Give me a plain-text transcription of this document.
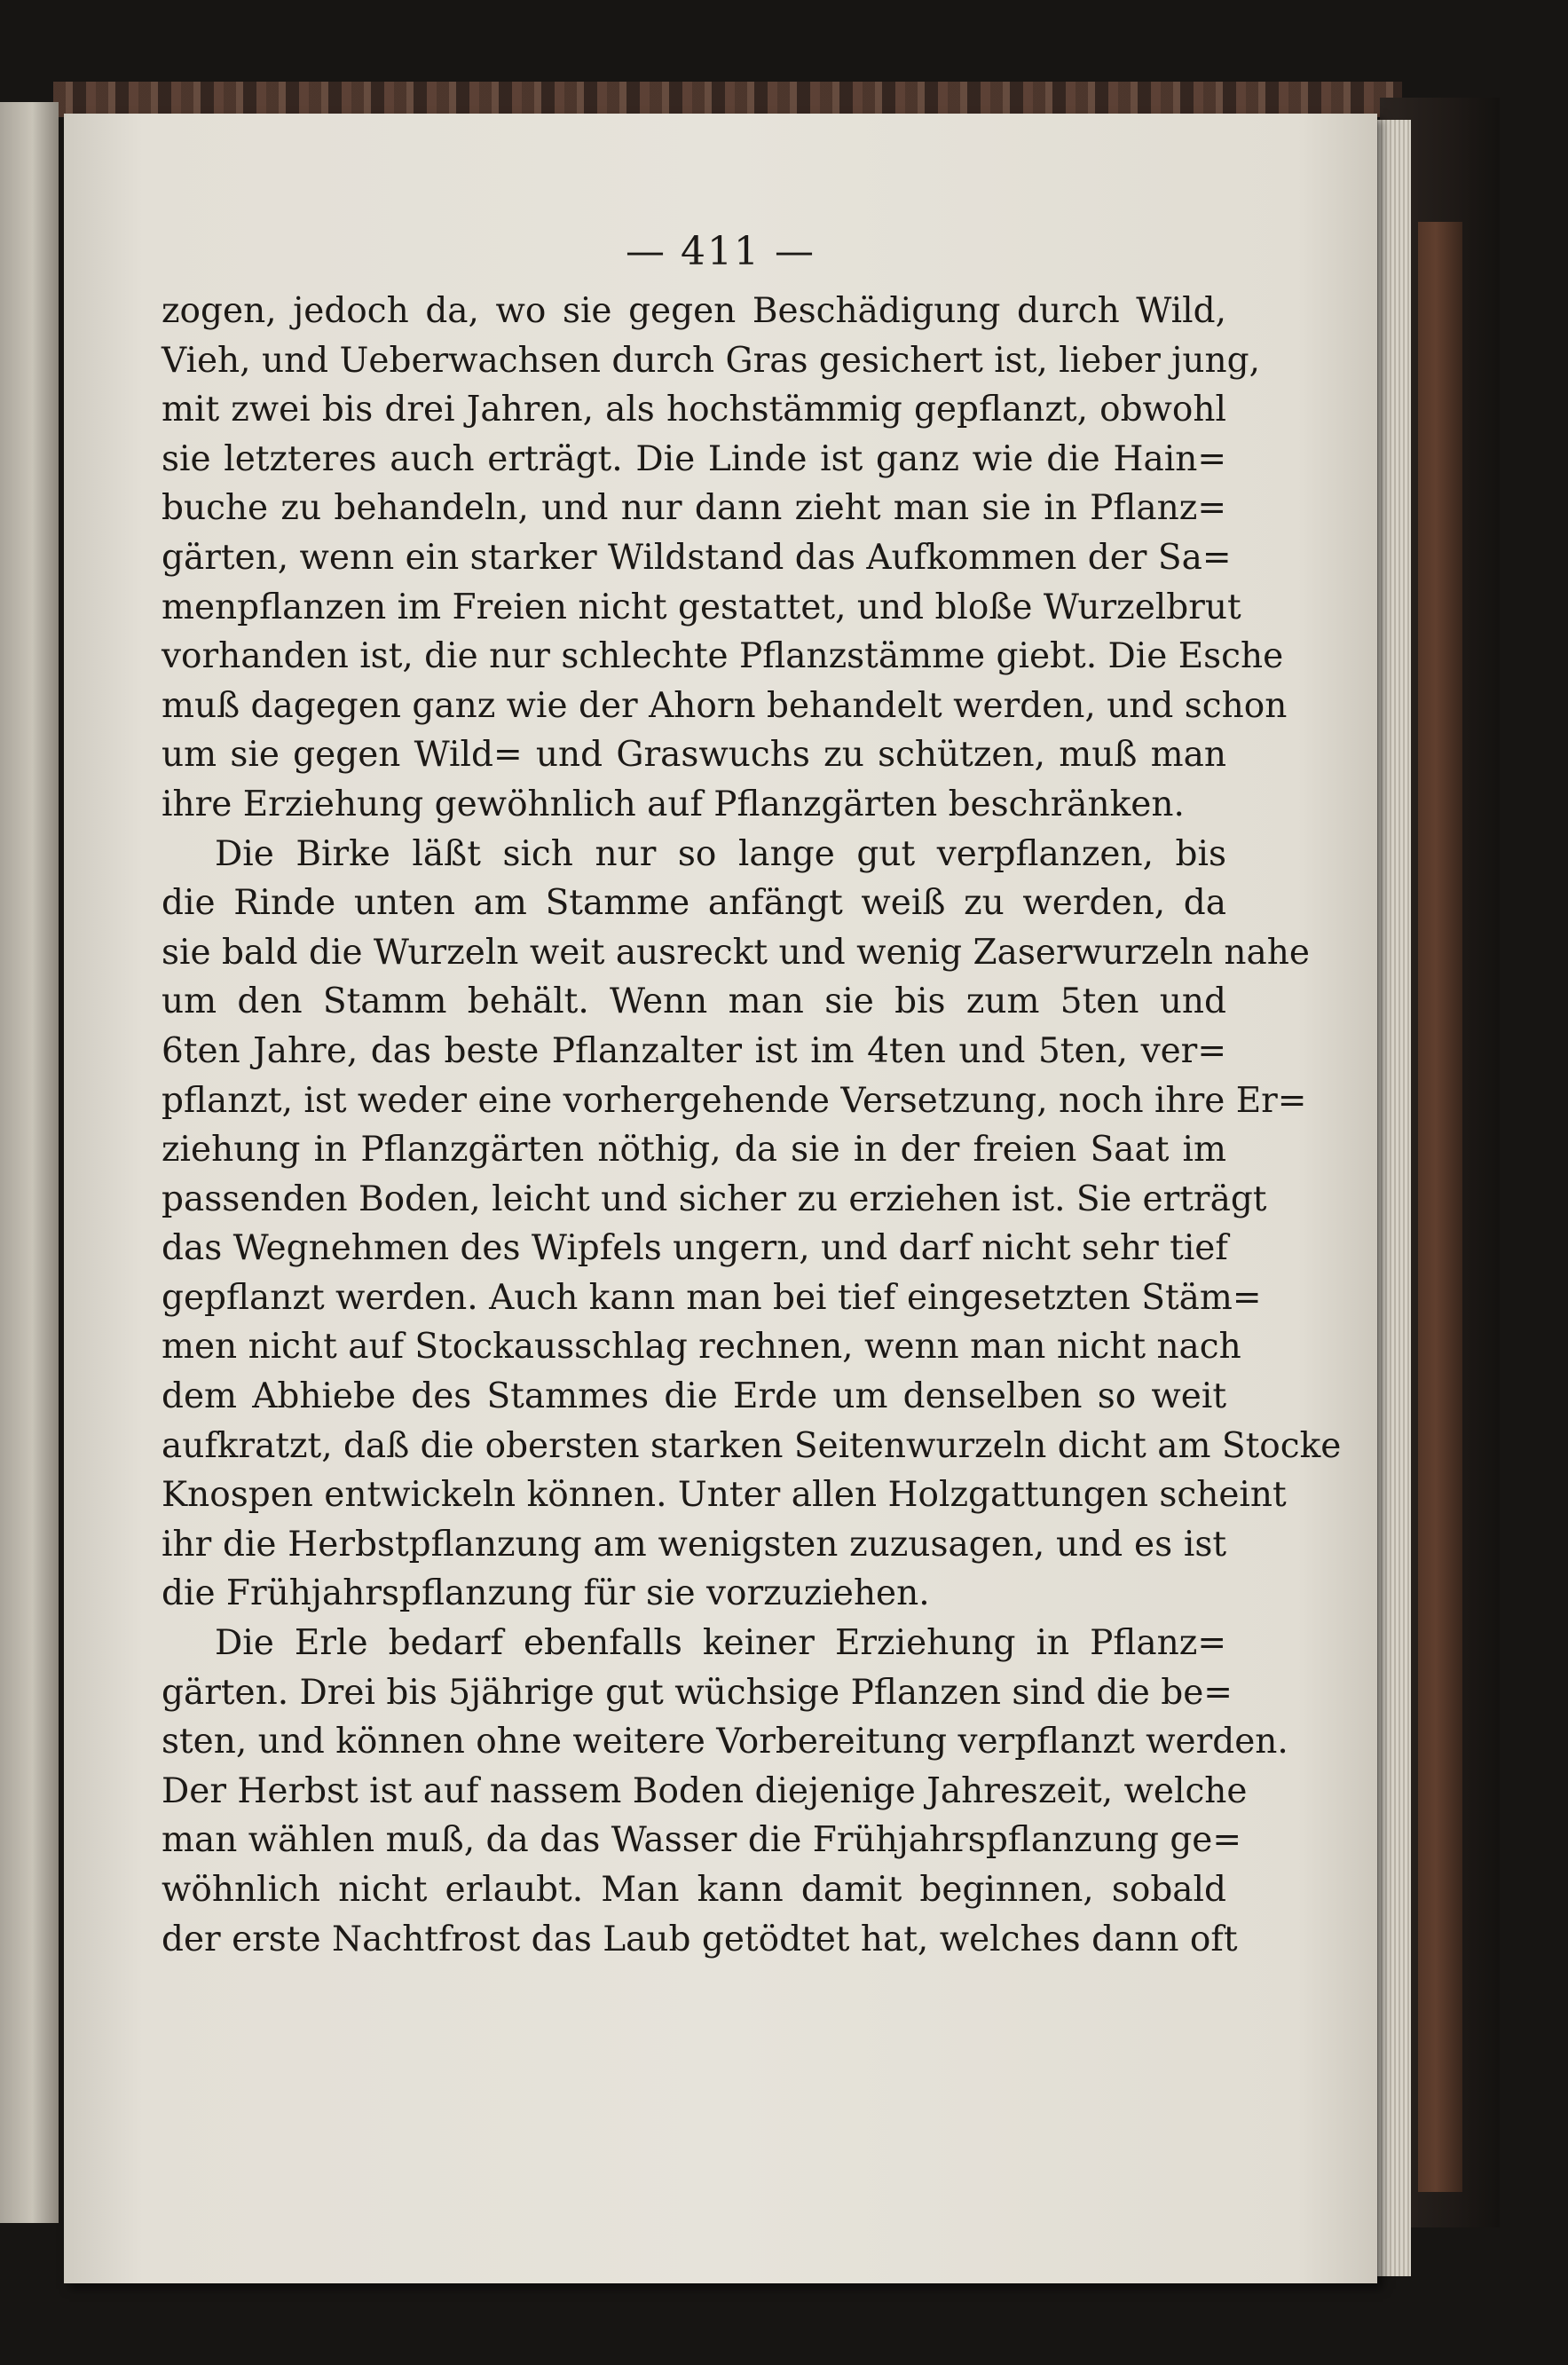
— 411 —
zogen, jedoch da, wo sie gegen Beschädigung durch Wild,
Vieh, und Ueberwachsen durch Gras gesichert ist, lieber jung,
mit zwei bis drei Jahren, als hochstämmig gepflanzt, obwohl
sie letzteres auch erträgt. Die Linde ist ganz wie die Hain=
buche zu behandeln, und nur dann zieht man sie in Pflanz=
gärten, wenn ein starker Wildstand das Aufkommen der Sa=
menpflanzen im Freien nicht gestattet, und bloße Wurzelbrut
vorhanden ist, die nur schlechte Pflanzstämme giebt. Die Esche
muß dagegen ganz wie der Ahorn behandelt werden, und schon
um sie gegen Wild= und Graswuchs zu schützen, muß man
ihre Erziehung gewöhnlich auf Pflanzgärten beschränken.
Die Birke läßt sich nur so lange gut verpflanzen, bis
die Rinde unten am Stamme anfängt weiß zu werden, da
sie bald die Wurzeln weit ausreckt und wenig Zaserwurzeln nahe
um den Stamm behält. Wenn man sie bis zum 5ten und
6ten Jahre, das beste Pflanzalter ist im 4ten und 5ten, ver=
pflanzt, ist weder eine vorhergehende Versetzung, noch ihre Er=
ziehung in Pflanzgärten nöthig, da sie in der freien Saat im
passenden Boden, leicht und sicher zu erziehen ist. Sie erträgt
das Wegnehmen des Wipfels ungern, und darf nicht sehr tief
gepflanzt werden. Auch kann man bei tief eingesetzten Stäm=
men nicht auf Stockausschlag rechnen, wenn man nicht nach
dem Abhiebe des Stammes die Erde um denselben so weit
aufkratzt, daß die obersten starken Seitenwurzeln dicht am Stocke
Knospen entwickeln können. Unter allen Holzgattungen scheint
ihr die Herbstpflanzung am wenigsten zuzusagen, und es ist
die Frühjahrspflanzung für sie vorzuziehen.
Die Erle bedarf ebenfalls keiner Erziehung in Pflanz=
gärten. Drei bis 5jährige gut wüchsige Pflanzen sind die be=
sten, und können ohne weitere Vorbereitung verpflanzt werden.
Der Herbst ist auf nassem Boden diejenige Jahreszeit, welche
man wählen muß, da das Wasser die Frühjahrspflanzung ge=
wöhnlich nicht erlaubt. Man kann damit beginnen, sobald
der erste Nachtfrost das Laub getödtet hat, welches dann oft
